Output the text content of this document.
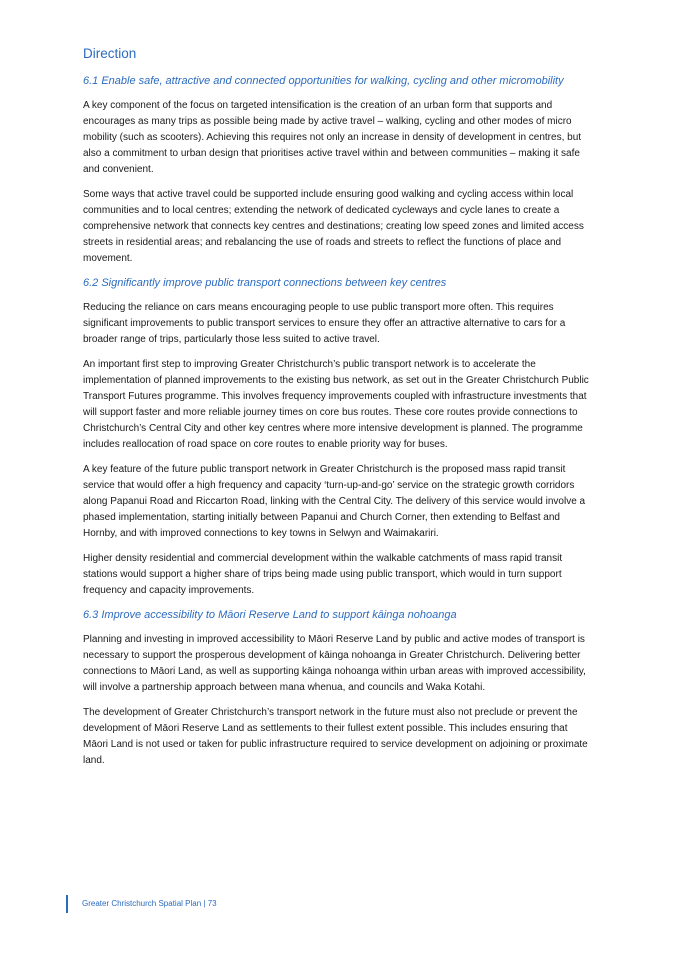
Direction
6.1 Enable safe, attractive and connected opportunities for walking, cycling and other micromobility

A key component of the focus on targeted intensification is the creation of an urban form that supports and encourages as many trips as possible being made by active travel – walking, cycling and other modes of micro mobility (such as scooters). Achieving this requires not only an increase in density of development in centres, but also a commitment to urban design that prioritises active travel within and between communities – making it safe and convenient.

Some ways that active travel could be supported include ensuring good walking and cycling access within local communities and to local centres; extending the network of dedicated cycleways and cycle lanes to create a comprehensive network that connects key centres and destinations; creating low speed zones and limited access streets in residential areas; and rebalancing the use of roads and streets to reflect the functions of place and movement.

6.2 Significantly improve public transport connections between key centres

Reducing the reliance on cars means encouraging people to use public transport more often. This requires significant improvements to public transport services to ensure they offer an attractive alternative to cars for a broader range of trips, particularly those less suited to active travel.

An important first step to improving Greater Christchurch’s public transport network is to accelerate the implementation of planned improvements to the existing bus network, as set out in the Greater Christchurch Public Transport Futures programme. This involves frequency improvements coupled with infrastructure investments that will support faster and more reliable journey times on core bus routes. These core routes provide connections to Christchurch’s Central City and other key centres where more intensive development is planned. The programme includes reallocation of road space on core routes to enable priority way for buses.

A key feature of the future public transport network in Greater Christchurch is the proposed mass rapid transit service that would offer a high frequency and capacity ‘turn-up-and-go’ service on the strategic growth corridors along Papanui Road and Riccarton Road, linking with the Central City. The delivery of this service would involve a phased implementation, starting initially between Papanui and Church Corner, then extending to Belfast and Hornby, and with improved connections to key towns in Selwyn and Waimakariri.

Higher density residential and commercial development within the walkable catchments of mass rapid transit stations would support a higher share of trips being made using public transport, which would in turn support frequency and capacity improvements.

6.3 Improve accessibility to Māori Reserve Land to support kāinga nohoanga

Planning and investing in improved accessibility to Māori Reserve Land by public and active modes of transport is necessary to support the prosperous development of kāinga nohoanga in Greater Christchurch. Delivering better connections to Māori Land, as well as supporting kāinga nohoanga within urban areas with improved accessibility, will involve a partnership approach between mana whenua, and councils and Waka Kotahi.

The development of Greater Christchurch’s transport network in the future must also not preclude or prevent the development of Māori Reserve Land as settlements to their fullest extent possible. This includes ensuring that Māori Land is not used or taken for public infrastructure required to service development on adjoining or proximate land.

Greater Christchurch Spatial Plan | 73
